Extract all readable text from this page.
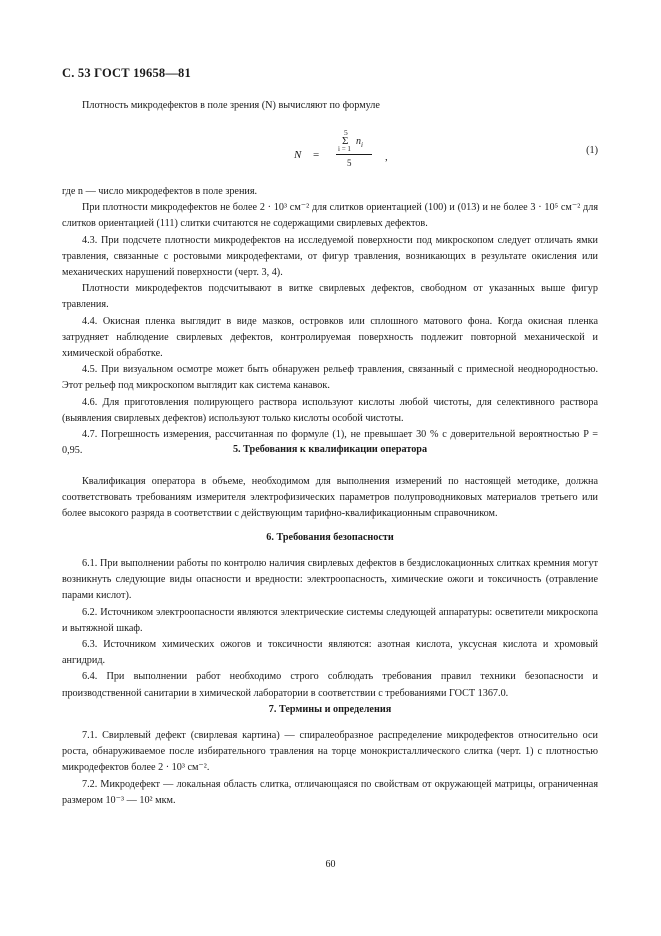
С. 53 ГОСТ 19658—81

Плотность микродефектов в поле зрения (N) вычисляют по формуле

N =
5
Σ $n_i$
i = 1
5	,
(1)

где n — число микродефектов в поле зрения.

При плотности микродефектов не более 2 · 10³ см⁻² для слитков ориентацией (100) и (013) и не более 3 · 10⁵ см⁻² для слитков ориентацией (111) слитки считаются не содержащими свирлевых дефектов.

4.3. При подсчете плотности микродефектов на исследуемой поверхности под микроскопом следует отличать ямки травления, связанные с ростовыми микродефектами, от фигур травления, возникающих в результате окисления или механических нарушений поверхности (черт. 3, 4).

Плотности микродефектов подсчитывают в витке свирлевых дефектов, свободном от указанных выше фигур травления.

4.4. Окисная пленка выглядит в виде мазков, островков или сплошного матового фона. Когда окисная пленка затрудняет наблюдение свирлевых дефектов, контролируемая поверхность подлежит повторной механической и химической обработке.

4.5. При визуальном осмотре может быть обнаружен рельеф травления, связанный с примесной неоднородностью. Этот рельеф под микроскопом выглядит как система канавок.

4.6. Для приготовления полирующего раствора используют кислоты любой чистоты, для селективного раствора (выявления свирлевых дефектов) используют только кислоты особой чистоты.

4.7. Погрешность измерения, рассчитанная по формуле (1), не превышает 30 % с доверительной вероятностью P = 0,95.	5. Требования к квалификации оператора

Квалификация оператора в объеме, необходимом для выполнения измерений по настоящей методике, должна соответствовать требованиям измерителя электрофизических параметров полупроводниковых материалов третьего или более высокого разряда в соответствии с действующим тарифно-квалификационным справочником.

6. Требования безопасности

6.1. При выполнении работы по контролю наличия свирлевых дефектов в бездислокационных слитках кремния могут возникнуть следующие виды опасности и вредности: электроопасность, химические ожоги и токсичность (отравление парами кислот).

6.2. Источником электроопасности являются электрические системы следующей аппаратуры: осветители микроскопа и вытяжной шкаф.

6.3. Источником химических ожогов и токсичности являются: азотная кислота, уксусная кислота и хромовый ангидрид.

6.4. При выполнении работ необходимо строго соблюдать требования правил техники безопасности и производственной санитарии в химической лаборатории в соответствии с требованиями ГОСТ 1367.0.

7. Термины и определения

7.1. Свирлевый дефект (свирлевая картина) — спиралеобразное распределение микродефектов относительно оси роста, обнаруживаемое после избирательного травления на торце монокристаллического слитка (черт. 1) с плотностью микродефектов более 2 · 10³ см⁻².

7.2. Микродефект — локальная область слитка, отличающаяся по свойствам от окружающей матрицы, ограниченная размером 10⁻³ — 10² мкм.

60
